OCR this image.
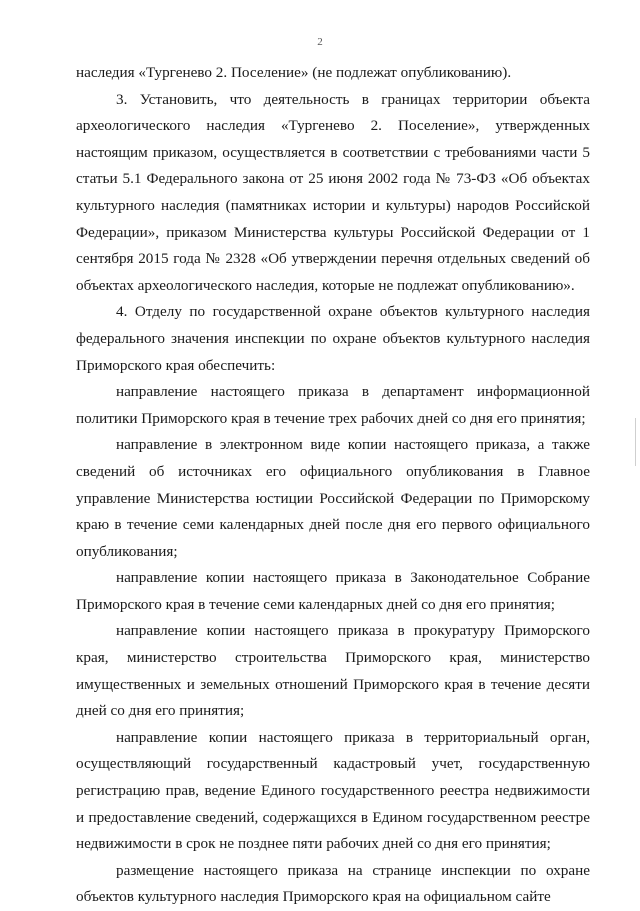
2

наследия «Тургенево 2. Поселение» (не подлежат опубликованию).

3. Установить, что деятельность в границах территории объекта археологического наследия «Тургенево 2. Поселение», утвержденных настоящим приказом, осуществляется в соответствии с требованиями части 5 статьи 5.1 Федерального закона от 25 июня 2002 года № 73-ФЗ «Об объектах культурного наследия (памятниках истории и культуры) народов Российской Федерации», приказом Министерства культуры Российской Федерации от 1 сентября 2015 года № 2328 «Об утверждении перечня отдельных сведений об объектах археологического наследия, которые не подлежат опубликованию».

4. Отделу по государственной охране объектов культурного наследия федерального значения инспекции по охране объектов культурного наследия Приморского края обеспечить:

направление настоящего приказа в департамент информационной политики Приморского края в течение трех рабочих дней со дня его принятия;

направление в электронном виде копии настоящего приказа, а также сведений об источниках его официального опубликования в Главное управление Министерства юстиции Российской Федерации по Приморскому краю в течение семи календарных дней после дня его первого официального опубликования;

направление копии настоящего приказа в Законодательное Собрание Приморского края в течение семи календарных дней со дня его принятия;

направление копии настоящего приказа в прокуратуру Приморского края, министерство строительства Приморского края, министерство имущественных и земельных отношений Приморского края в течение десяти дней со дня его принятия;

направление копии настоящего приказа в территориальный орган, осуществляющий государственный кадастровый учет, государственную регистрацию прав, ведение Единого государственного реестра недвижимости и предоставление сведений, содержащихся в Едином государственном реестре недвижимости в срок не позднее пяти рабочих дней со дня его принятия;

размещение настоящего приказа на странице инспекции по охране объектов культурного наследия Приморского края на официальном сайте
